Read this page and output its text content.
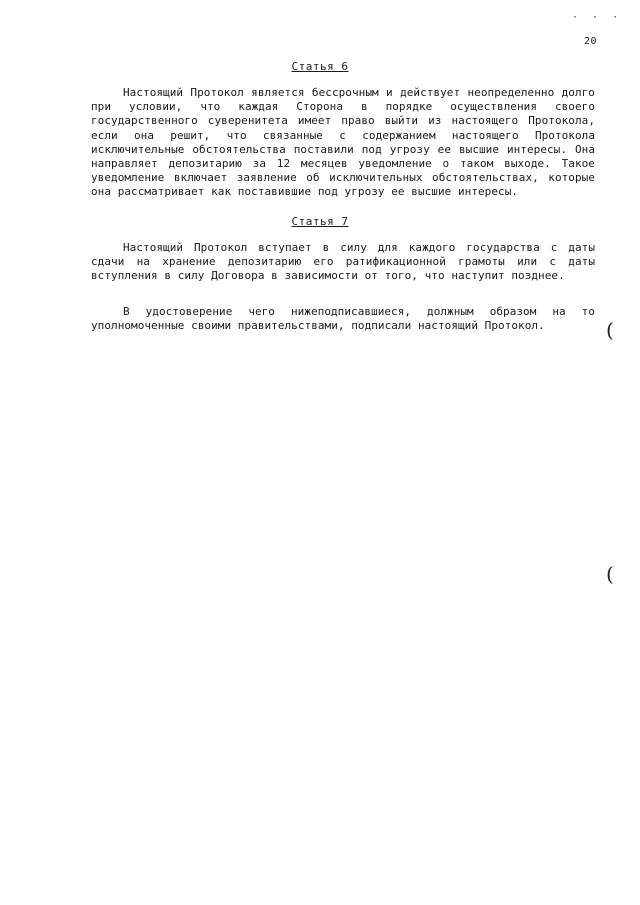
· · ·
20
Статья 6

Настоящий Протокол является бессрочным и действует неопределенно долго при условии, что каждая Сторона в порядке осуществления своего государственного суверенитета имеет право выйти из настоящего Протокола, если она решит, что связанные с содержанием настоящего Протокола исключительные обстоятельства поставили под угрозу ее высшие интересы. Она направляет депозитарию за 12 месяцев уведомление о таком выходе. Такое уведомление включает заявление об исключительных обстоятельствах, которые она рассматривает как поставившие под угрозу ее высшие интересы.

Статья 7

Настоящий Протокол вступает в силу для каждого государства с даты сдачи на хранение депозитарию его ратификационной грамоты или с даты вступления в силу Договора в зависимости от того, что наступит позднее.

В удостоверение чего нижеподписавшиеся, должным образом на то уполномоченные своими правительствами, подписали настоящий Протокол.	(
(
